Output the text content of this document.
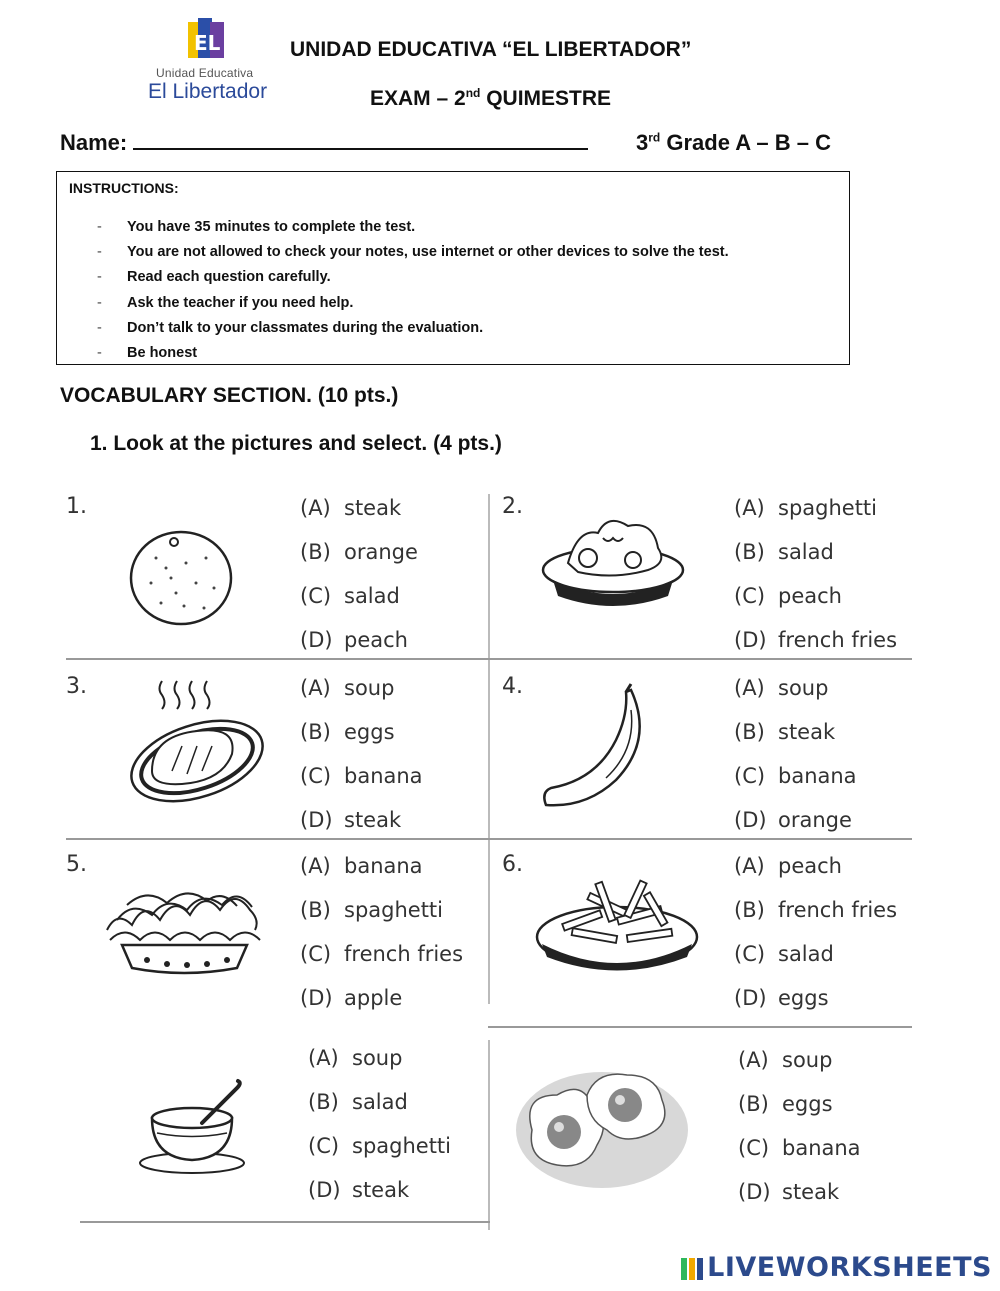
EL
Unidad Educativa
El Libertador
UNIDAD EDUCATIVA “EL LIBERTADOR”
EXAM – 2nd QUIMESTRE
Name:	3rd Grade A – B – C
INSTRUCTIONS:
- You have 35 minutes to complete the test.
- You are not allowed to check your notes, use internet or other devices to solve the test.
- Read each question carefully.
- Ask the teacher if you need help.
- Don’t talk to your classmates during the evaluation.
- Be honest
VOCABULARY SECTION. (10 pts.)
1. Look at the pictures and select. (4 pts.)
1.	(A) steak
(B) orange
(C) salad
(D) peach
2.	(A) spaghetti
(B) salad
(C) peach
(D) french fries
3.	(A) soup
(B) eggs
(C) banana
(D) steak
4.	(A) soup
(B) steak
(C) banana
(D) orange
5.	(A) banana
(B) spaghetti
(C) french fries
(D) apple
6.	(A) peach
(B) french fries
(C) salad
(D) eggs
(A) soup
(B) salad
(C) spaghetti
(D) steak
(A) soup
(B) eggs
(C) banana
(D) steak
LIVEWORKSHEETS
